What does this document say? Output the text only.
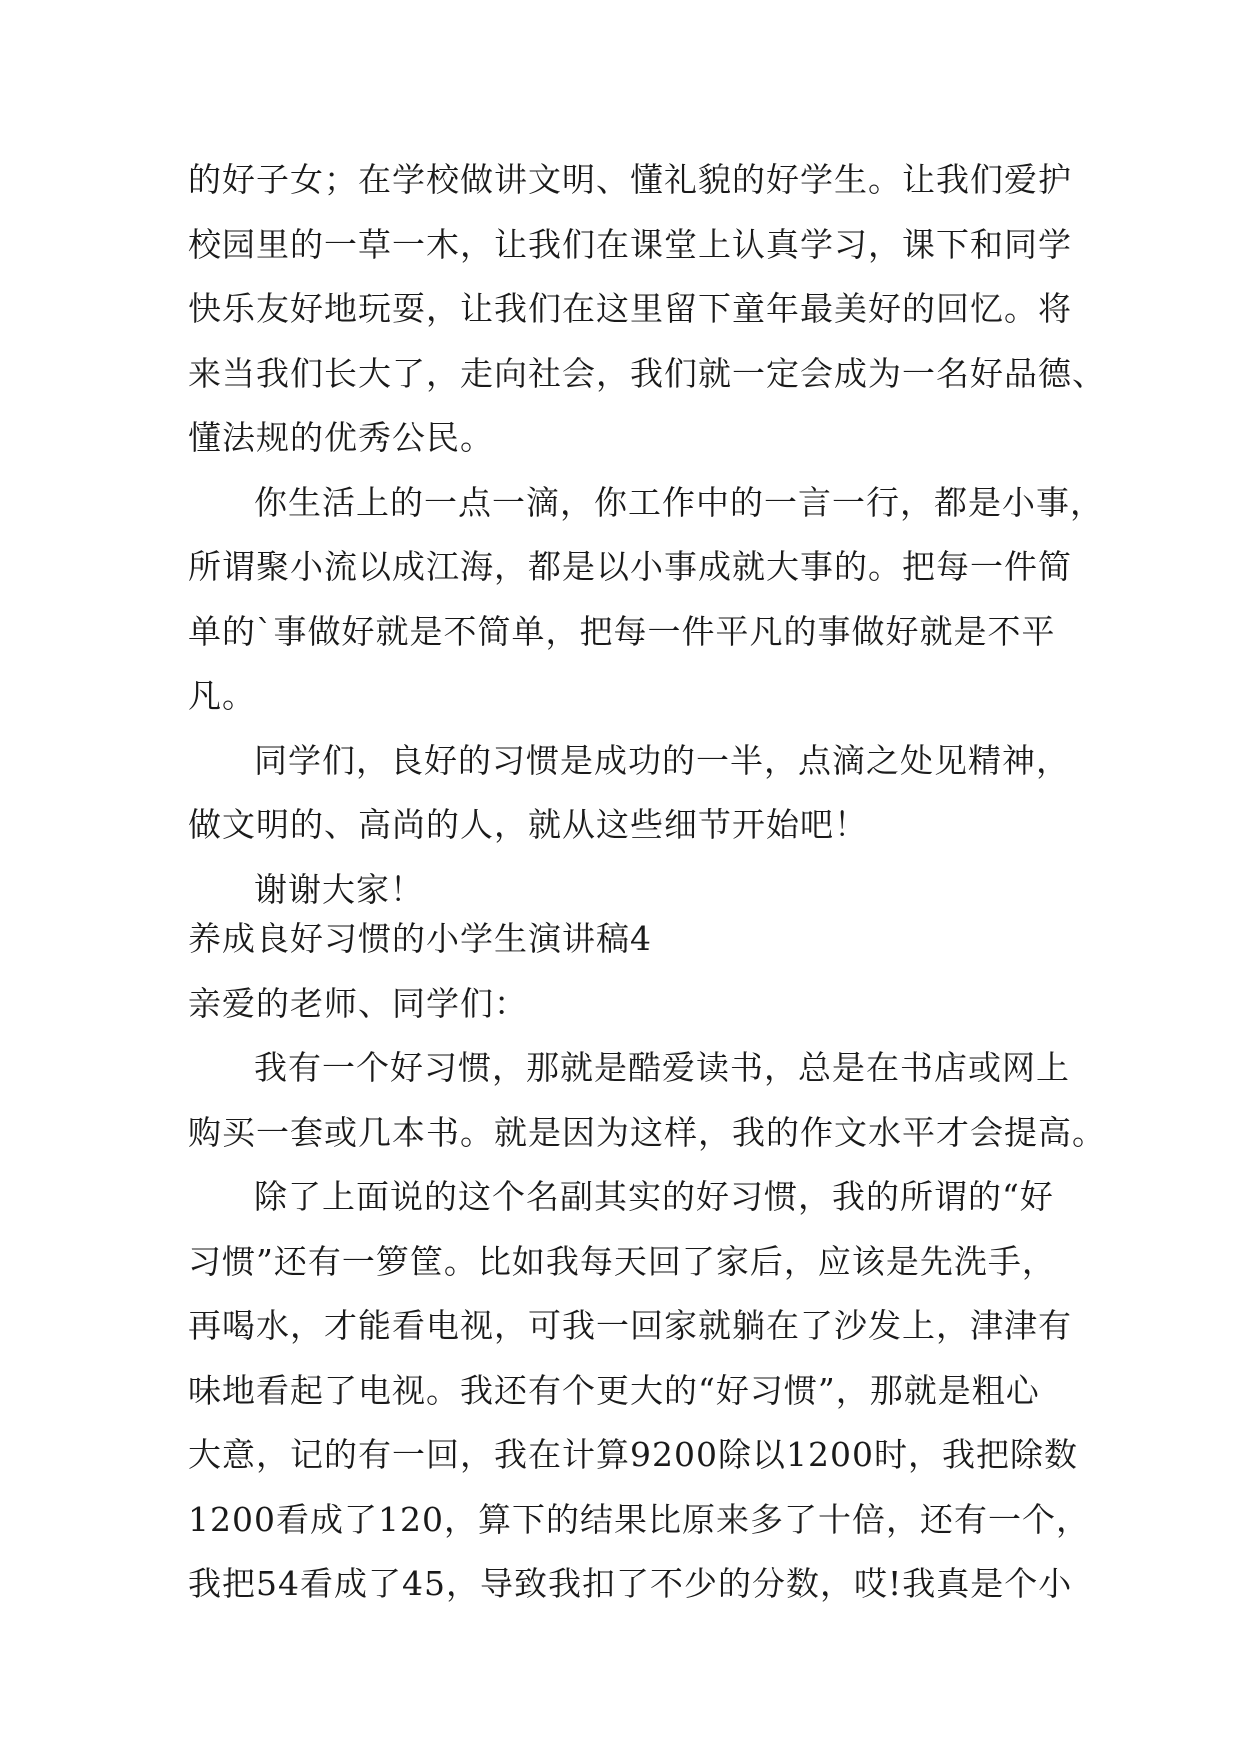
的好子女；在学校做讲文明、懂礼貌的好学生。让我们爱护
校园里的一草一木，让我们在课堂上认真学习，课下和同学
快乐友好地玩耍，让我们在这里留下童年最美好的回忆。将
来当我们长大了，走向社会，我们就一定会成为一名好品德、
懂法规的优秀公民。
你生活上的一点一滴，你工作中的一言一行，都是小事，
所谓聚小流以成江海，都是以小事成就大事的。把每一件简
单的`事做好就是不简单，把每一件平凡的事做好就是不平
凡。
同学们，良好的习惯是成功的一半，点滴之处见精神，
做文明的、高尚的人，就从这些细节开始吧！
谢谢大家！
养成良好习惯的小学生演讲稿4
亲爱的老师、同学们：
我有一个好习惯，那就是酷爱读书，总是在书店或网上
购买一套或几本书。就是因为这样，我的作文水平才会提高。
除了上面说的这个名副其实的好习惯，我的所谓的“好
习惯”还有一箩筐。比如我每天回了家后，应该是先洗手，
再喝水，才能看电视，可我一回家就躺在了沙发上，津津有
味地看起了电视。我还有个更大的“好习惯”，那就是粗心
大意，记的有一回，我在计算9200除以1200时，我把除数
1200看成了120，算下的结果比原来多了十倍，还有一个，
我把54看成了45，导致我扣了不少的分数，哎!我真是个小
